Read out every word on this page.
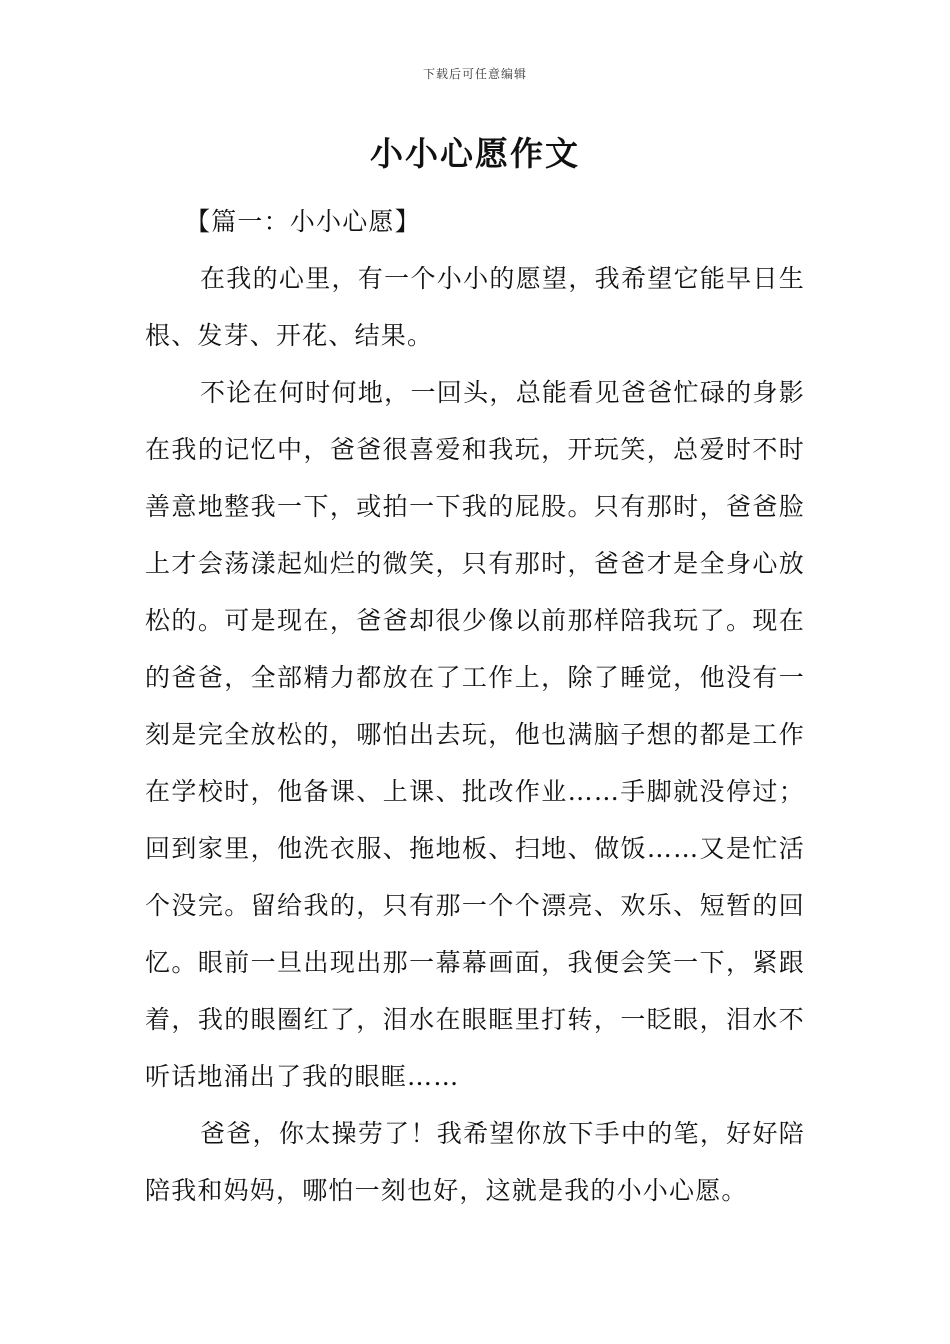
下载后可任意编辑
小小心愿作文

【篇一：小小心愿】

在我的心里，有一个小小的愿望，我希望它能早日生根、发芽、开花、结果。

不论在何时何地，一回头，总能看见爸爸忙碌的身影在我的记忆中，爸爸很喜爱和我玩，开玩笑，总爱时不时善意地整我一下，或拍一下我的屁股。只有那时，爸爸脸上才会荡漾起灿烂的微笑，只有那时，爸爸才是全身心放松的。可是现在，爸爸却很少像以前那样陪我玩了。现在的爸爸，全部精力都放在了工作上，除了睡觉，他没有一刻是完全放松的，哪怕出去玩，他也满脑子想的都是工作在学校时，他备课、上课、批改作业……手脚就没停过；回到家里，他洗衣服、拖地板、扫地、做饭……又是忙活个没完。留给我的，只有那一个个漂亮、欢乐、短暂的回忆。眼前一旦出现出那一幕幕画面，我便会笑一下，紧跟着，我的眼圈红了，泪水在眼眶里打转，一眨眼，泪水不听话地涌出了我的眼眶……

爸爸，你太操劳了！我希望你放下手中的笔，好好陪陪我和妈妈，哪怕一刻也好，这就是我的小小心愿。
